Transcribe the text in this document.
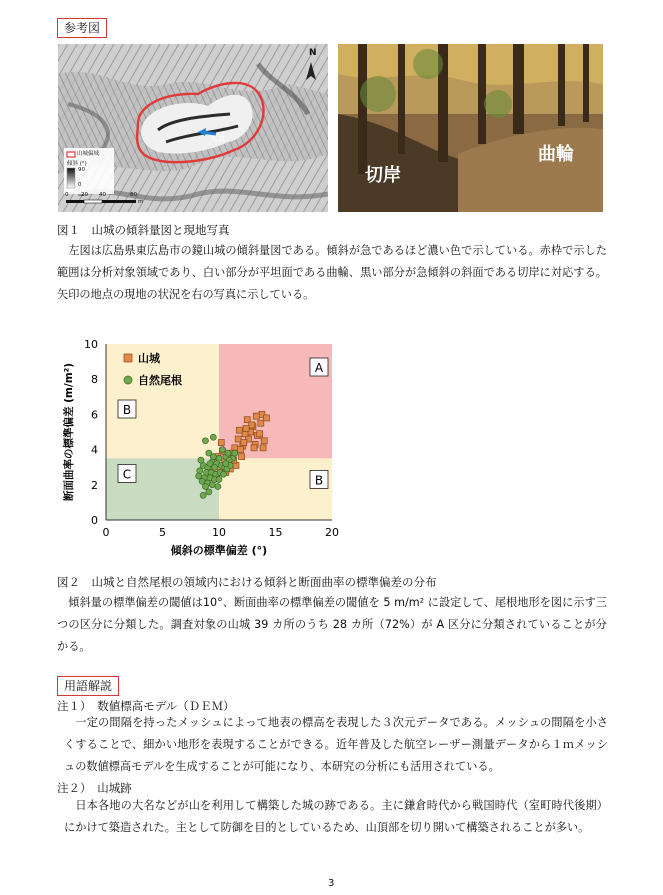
参考図
N
写真
山城偏域
傾斜 (°)
90
0
0 20 40	80
m
切岸
曲輪
図１　山城の傾斜量図と現地写真
　左図は広島県東広島市の鏡山城の傾斜量図である。傾斜が急であるほど濃い色で示している。赤枠で示した範囲は分析対象領域であり、白い部分が平坦面である曲輪、黒い部分が急傾斜の斜面である切岸に対応する。矢印の地点の現地の状況を右の写真に示している。
A
B
B
C
0	5	10	15	20
0
2
4
6
8
10
傾斜の標準偏差 (°)
断面曲率の標準偏差 (m/m²)
山城
自然尾根
図２　山城と自然尾根の領域内における傾斜と断面曲率の標準偏差の分布
　傾斜量の標準偏差の閾値は10°、断面曲率の標準偏差の閾値を 5 m/m² に設定して、尾根地形を図に示す三つの区分に分類した。調査対象の山城 39 カ所のうち 28 カ所（72%）が A 区分に分類されていることが分かる。
用語解説
注１）　数値標高モデル（ＤＥＭ）
　一定の間隔を持ったメッシュによって地表の標高を表現した３次元データである。メッシュの間隔を小さくすることで、細かい地形を表現することができる。近年普及した航空レーザー測量データから１ｍメッシュの数値標高モデルを生成することが可能になり、本研究の分析にも活用されている。
注２）　山城跡
　日本各地の大名などが山を利用して構築した城の跡である。主に鎌倉時代から戦国時代（室町時代後期）にかけて築造された。主として防御を目的としているため、山頂部を切り開いて構築されることが多い。
3
